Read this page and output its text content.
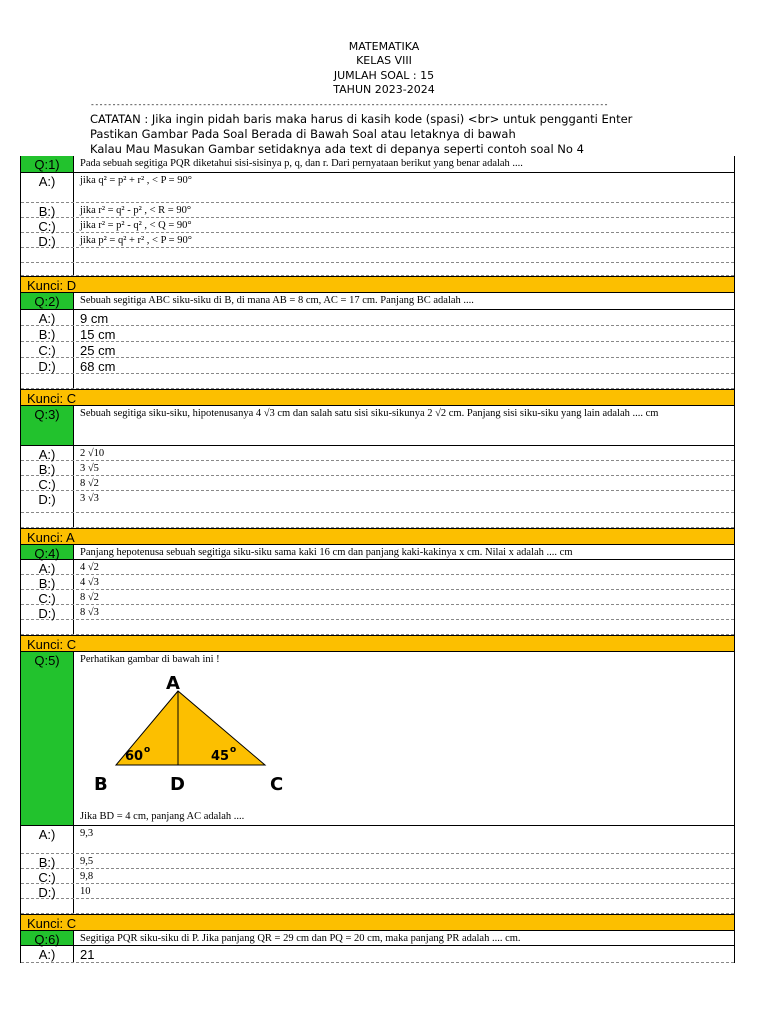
MATEMATIKA
KELAS VIII
JUMLAH SOAL : 15
TAHUN 2023-2024
------------------------------------------------------------------------------------------------------------------------
CATATAN : Jika ingin pidah baris maka harus di kasih kode (spasi) <br> untuk pengganti Enter
Pastikan Gambar Pada Soal Berada di Bawah Soal atau letaknya di bawah
Kalau Mau Masukan Gambar setidaknya ada text di depanya seperti contoh soal No 4
Q:1)	Pada sebuah segitiga PQR diketahui sisi-sisinya p, q, dan r. Dari pernyataan berikut yang benar adalah ....
A:)	jika q² = p² + r² , < P = 90°
B:)	jika r² = q² - p² , < R = 90°
C:)	jika r² = p² - q² , < Q = 90°
D:)	jika p² = q² + r² , < P = 90°
Kunci: D
Q:2)	Sebuah segitiga ABC siku-siku di B, di mana AB = 8 cm, AC = 17 cm. Panjang BC adalah ....
A:)	9 cm
B:)	15 cm
C:)	25 cm
D:)	68 cm
Kunci: C
Q:3)	Sebuah segitiga siku-siku, hipotenusanya 4 √3 cm dan salah satu sisi siku-sikunya 2 √2 cm. Panjang sisi siku-siku yang lain adalah .... cm
A:)	2 √10
B:)	3 √5
C:)	8 √2
D:)	3 √3
Kunci: A
Q:4)	Panjang hepotenusa sebuah segitiga siku-siku sama kaki 16 cm dan panjang kaki-kakinya x cm. Nilai x adalah .... cm
A:)	4 √2
B:)	4 √3
C:)	8 √2
D:)	8 √3
Kunci: C
Q:5)	Perhatikan gambar di bawah ini !
A
B	D	C
60 o	45 o
Jika BD = 4 cm, panjang AC adalah ....
A:)	9,3
B:)	9,5
C:)	9,8
D:)	10
Kunci: C
Q:6)	Segitiga PQR siku-siku di P. Jika panjang QR = 29 cm dan PQ = 20 cm, maka panjang PR adalah .... cm.
A:)	21
